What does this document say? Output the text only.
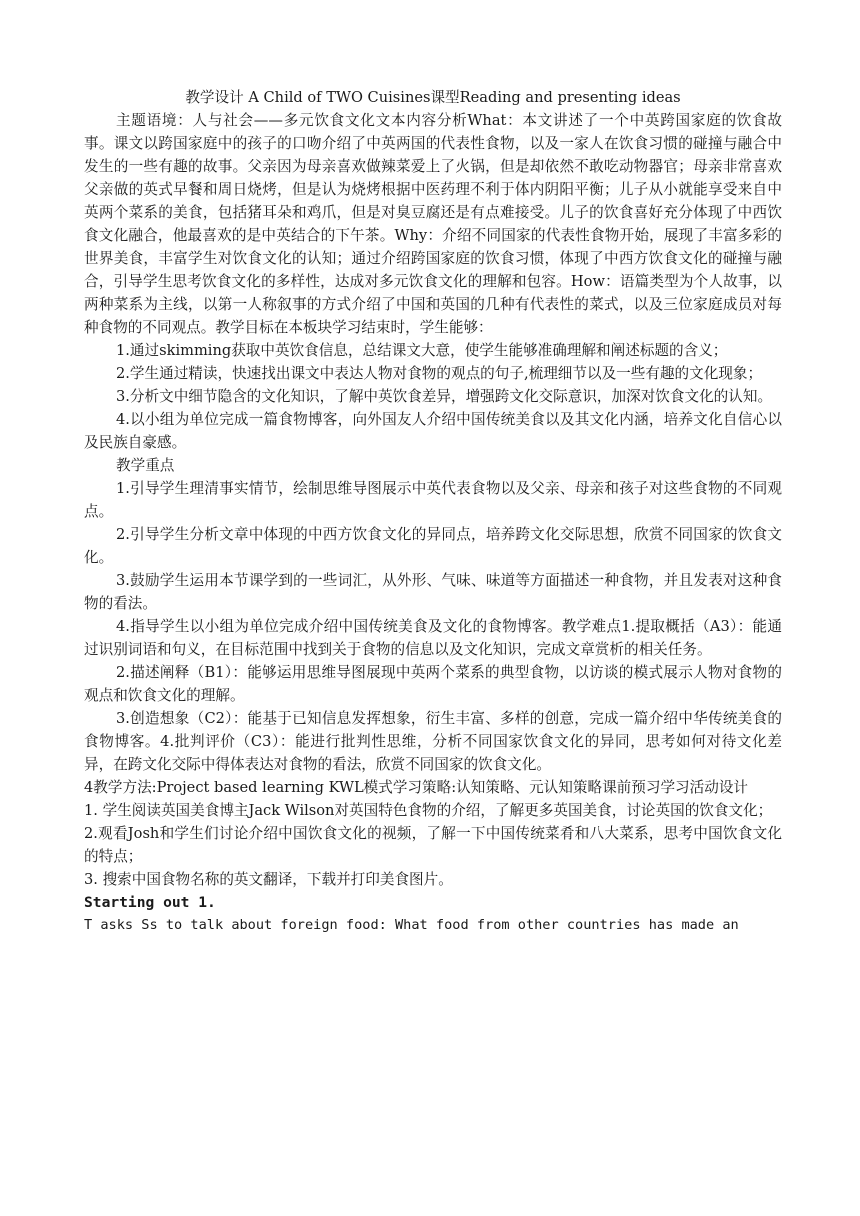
教学设计 A Child of TWO Cuisines课型Reading and presenting ideas

主题语境：人与社会——多元饮食文化文本内容分析What：本文讲述了一个中英跨国家庭的饮食故事。课文以跨国家庭中的孩子的口吻介绍了中英两国的代表性食物，以及一家人在饮食习惯的碰撞与融合中发生的一些有趣的故事。父亲因为母亲喜欢做辣菜爱上了火锅，但是却依然不敢吃动物器官；母亲非常喜欢父亲做的英式早餐和周日烧烤，但是认为烧烤根据中医药理不利于体内阴阳平衡；儿子从小就能享受来自中英两个菜系的美食，包括猪耳朵和鸡爪，但是对臭豆腐还是有点难接受。儿子的饮食喜好充分体现了中西饮食文化融合，他最喜欢的是中英结合的下午茶。Why：介绍不同国家的代表性食物开始，展现了丰富多彩的世界美食，丰富学生对饮食文化的认知；通过介绍跨国家庭的饮食习惯，体现了中西方饮食文化的碰撞与融合，引导学生思考饮食文化的多样性，达成对多元饮食文化的理解和包容。How：语篇类型为个人故事，以两种菜系为主线，以第一人称叙事的方式介绍了中国和英国的几种有代表性的菜式，以及三位家庭成员对每种食物的不同观点。教学目标在本板块学习结束时，学生能够：

1.通过skimming获取中英饮食信息，总结课文大意，使学生能够准确理解和阐述标题的含义；

2.学生通过精读，快速找出课文中表达人物对食物的观点的句子,梳理细节以及一些有趣的文化现象；

3.分析文中细节隐含的文化知识，了解中英饮食差异，增强跨文化交际意识，加深对饮食文化的认知。

4.以小组为单位完成一篇食物博客，向外国友人介绍中国传统美食以及其文化内涵，培养文化自信心以及民族自豪感。

教学重点

1.引导学生理清事实情节，绘制思维导图展示中英代表食物以及父亲、母亲和孩子对这些食物的不同观点。

2.引导学生分析文章中体现的中西方饮食文化的异同点，培养跨文化交际思想，欣赏不同国家的饮食文化。

3.鼓励学生运用本节课学到的一些词汇，从外形、气味、味道等方面描述一种食物，并且发表对这种食物的看法。

4.指导学生以小组为单位完成介绍中国传统美食及文化的食物博客。教学难点1.提取概括（A3）：能通过识别词语和句义，在目标范围中找到关于食物的信息以及文化知识，完成文章赏析的相关任务。

2.描述阐释（B1）：能够运用思维导图展现中英两个菜系的典型食物，以访谈的模式展示人物对食物的观点和饮食文化的理解。

3.创造想象（C2）：能基于已知信息发挥想象，衍生丰富、多样的创意，完成一篇介绍中华传统美食的食物博客。4.批判评价（C3）：能进行批判性思维，分析不同国家饮食文化的异同，思考如何对待文化差异，在跨文化交际中得体表达对食物的看法，欣赏不同国家的饮食文化。

4教学方法:Project based learning KWL模式学习策略:认知策略、元认知策略课前预习学习活动设计

1. 学生阅读英国美食博主Jack Wilson对英国特色食物的介绍，了解更多英国美食，讨论英国的饮食文化；

2.观看Josh和学生们讨论介绍中国饮食文化的视频，了解一下中国传统菜肴和八大菜系，思考中国饮食文化的特点；

3. 搜索中国食物名称的英文翻译，下载并打印美食图片。

Starting out 1.

T asks Ss to talk about foreign food: What food from other countries has made an
